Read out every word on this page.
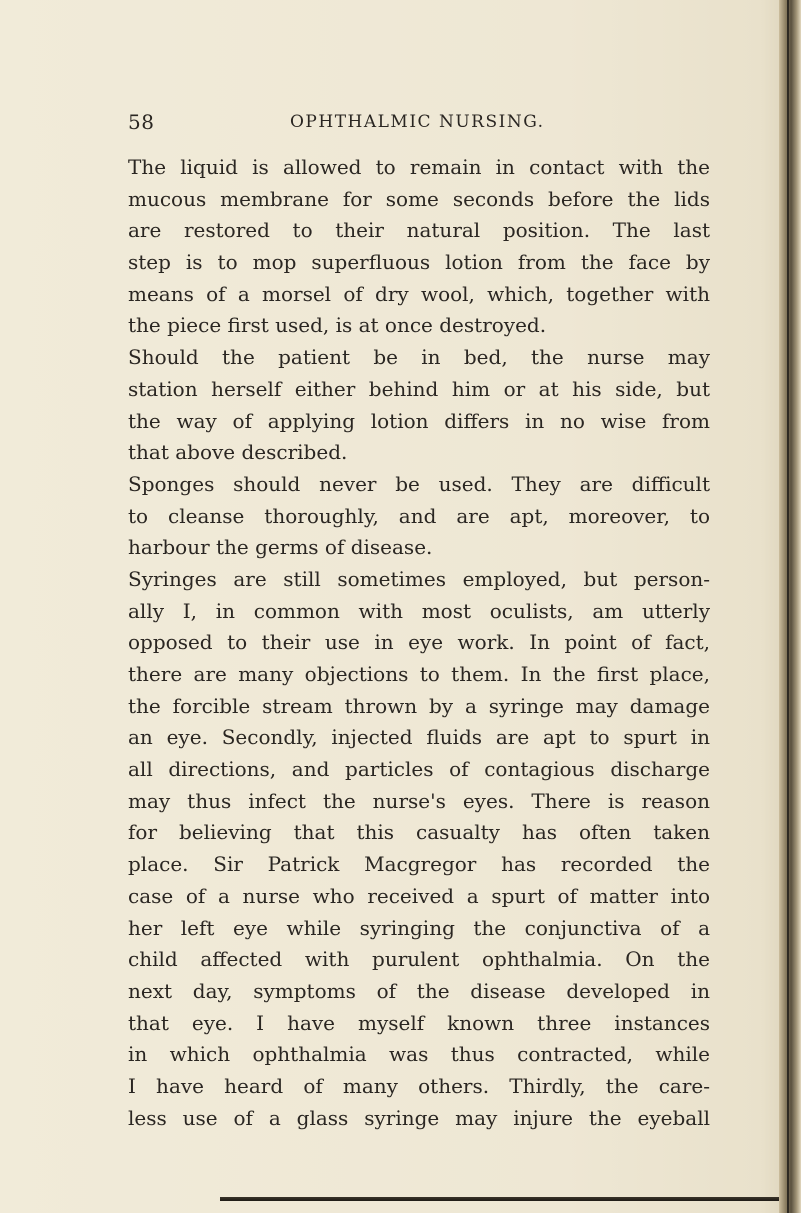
58	OPHTHALMIC NURSING.
The liquid is allowed to remain in contact with the
mucous membrane for some seconds before the lids
are restored to their natural position. The last
step is to mop superfluous lotion from the face by
means of a morsel of dry wool, which, together with
the piece first used, is at once destroyed.
Should the patient be in bed, the nurse may
station herself either behind him or at his side, but
the way of applying lotion differs in no wise from
that above described.
Sponges should never be used. They are difficult
to cleanse thoroughly, and are apt, moreover, to
harbour the germs of disease.
Syringes are still sometimes employed, but person-
ally I, in common with most oculists, am utterly
opposed to their use in eye work. In point of fact,
there are many objections to them. In the first place,
the forcible stream thrown by a syringe may damage
an eye. Secondly, injected fluids are apt to spurt in
all directions, and particles of contagious discharge
may thus infect the nurse's eyes. There is reason
for believing that this casualty has often taken
place. Sir Patrick Macgregor has recorded the
case of a nurse who received a spurt of matter into
her left eye while syringing the conjunctiva of a
child affected with purulent ophthalmia. On the
next day, symptoms of the disease developed in
that eye. I have myself known three instances
in which ophthalmia was thus contracted, while
I have heard of many others. Thirdly, the care-
less use of a glass syringe may injure the eyeball
